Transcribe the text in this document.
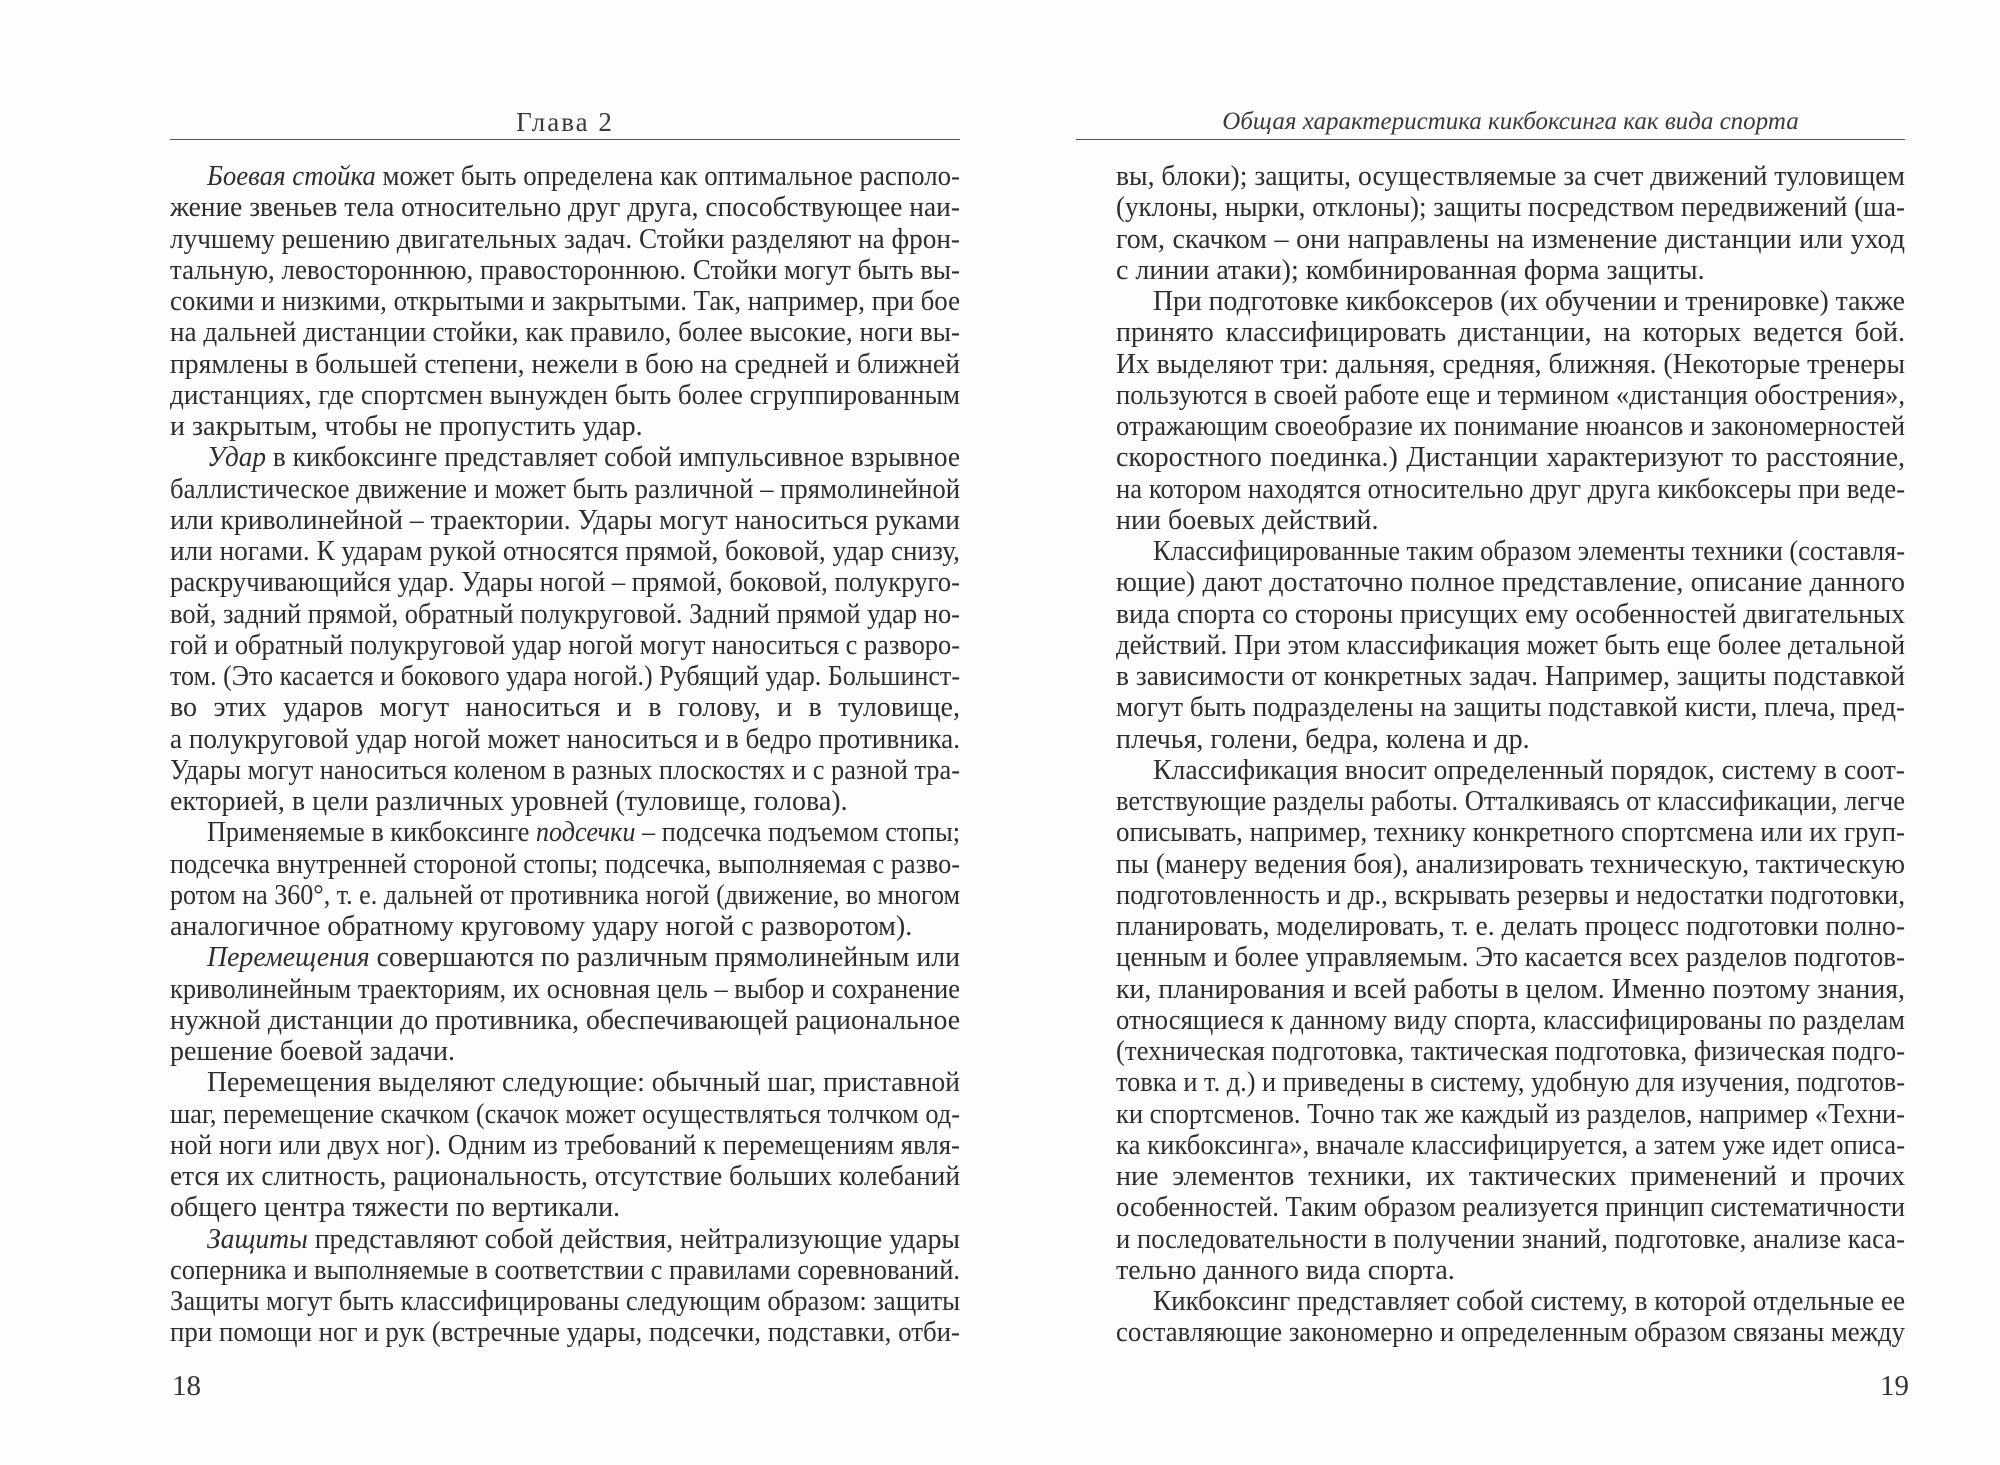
Глава 2
Боевая стойка может быть определена как оптимальное располо-
жение звеньев тела относительно друг друга, способствующее наи-
лучшему решению двигательных задач. Стойки разделяют на фрон-
тальную, левостороннюю, правостороннюю. Стойки могут быть вы-
сокими и низкими, открытыми и закрытыми. Так, например, при бое
на дальней дистанции стойки, как правило, более высокие, ноги вы-
прямлены в большей степени, нежели в бою на средней и ближней
дистанциях, где спортсмен вынужден быть более сгруппированным
и закрытым, чтобы не пропустить удар.
Удар в кикбоксинге представляет собой импульсивное взрывное
баллистическое движение и может быть различной – прямолинейной
или криволинейной – траектории. Удары могут наноситься руками
или ногами. К ударам рукой относятся прямой, боковой, удар снизу,
раскручивающийся удар. Удары ногой – прямой, боковой, полукруго-
вой, задний прямой, обратный полукруговой. Задний прямой удар но-
гой и обратный полукруговой удар ногой могут наноситься с разворо-
том. (Это касается и бокового удара ногой.) Рубящий удар. Большинст-
во этих ударов могут наноситься и в голову, и в туловище,
а полукруговой удар ногой может наноситься и в бедро противника.
Удары могут наноситься коленом в разных плоскостях и с разной тра-
екторией, в цели различных уровней (туловище, голова).
Применяемые в кикбоксинге подсечки – подсечка подъемом стопы;
подсечка внутренней стороной стопы; подсечка, выполняемая с разво-
ротом на 360°, т. е. дальней от противника ногой (движение, во многом
аналогичное обратному круговому удару ногой с разворотом).
Перемещения совершаются по различным прямолинейным или
криволинейным траекториям, их основная цель – выбор и сохранение
нужной дистанции до противника, обеспечивающей рациональное
решение боевой задачи.
Перемещения выделяют следующие: обычный шаг, приставной
шаг, перемещение скачком (скачок может осуществляться толчком од-
ной ноги или двух ног). Одним из требований к перемещениям явля-
ется их слитность, рациональность, отсутствие больших колебаний
общего центра тяжести по вертикали.
Защиты представляют собой действия, нейтрализующие удары
соперника и выполняемые в соответствии с правилами соревнований.
Защиты могут быть классифицированы следующим образом: защиты
при помощи ног и рук (встречные удары, подсечки, подставки, отби-
18
Общая характеристика кикбоксинга как вида спорта
вы, блоки); защиты, осуществляемые за счет движений туловищем
(уклоны, нырки, отклоны); защиты посредством передвижений (ша-
гом, скачком – они направлены на изменение дистанции или уход
с линии атаки); комбинированная форма защиты.
При подготовке кикбоксеров (их обучении и тренировке) также
принято классифицировать дистанции, на которых ведется бой.
Их выделяют три: дальняя, средняя, ближняя. (Некоторые тренеры
пользуются в своей работе еще и термином «дистанция обострения»,
отражающим своеобразие их понимание нюансов и закономерностей
скоростного поединка.) Дистанции характеризуют то расстояние,
на котором находятся относительно друг друга кикбоксеры при веде-
нии боевых действий.
Классифицированные таким образом элементы техники (составля-
ющие) дают достаточно полное представление, описание данного
вида спорта со стороны присущих ему особенностей двигательных
действий. При этом классификация может быть еще более детальной
в зависимости от конкретных задач. Например, защиты подставкой
могут быть подразделены на защиты подставкой кисти, плеча, пред-
плечья, голени, бедра, колена и др.
Классификация вносит определенный порядок, систему в соот-
ветствующие разделы работы. Отталкиваясь от классификации, легче
описывать, например, технику конкретного спортсмена или их груп-
пы (манеру ведения боя), анализировать техническую, тактическую
подготовленность и др., вскрывать резервы и недостатки подготовки,
планировать, моделировать, т. е. делать процесс подготовки полно-
ценным и более управляемым. Это касается всех разделов подготов-
ки, планирования и всей работы в целом. Именно поэтому знания,
относящиеся к данному виду спорта, классифицированы по разделам
(техническая подготовка, тактическая подготовка, физическая подго-
товка и т. д.) и приведены в систему, удобную для изучения, подготов-
ки спортсменов. Точно так же каждый из разделов, например «Техни-
ка кикбоксинга», вначале классифицируется, а затем уже идет описа-
ние элементов техники, их тактических применений и прочих
особенностей. Таким образом реализуется принцип систематичности
и последовательности в получении знаний, подготовке, анализе каса-
тельно данного вида спорта.
Кикбоксинг представляет собой систему, в которой отдельные ее
составляющие закономерно и определенным образом связаны между
19
